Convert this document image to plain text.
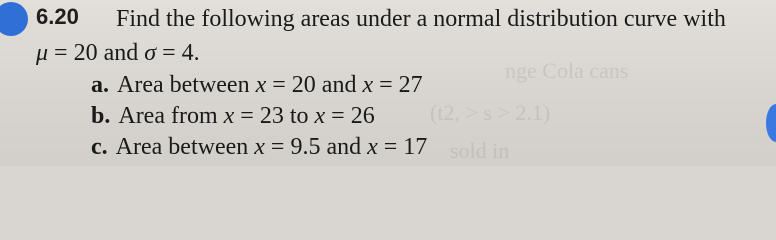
nge Cola cans
(t2, > s > 2.1)
sold in
6.20 Find the following areas under a normal distribution curve with
μ = 20 and σ = 4.
a. Area between x = 20 and x = 27
b. Area from x = 23 to x = 26
c. Area between x = 9.5 and x = 17
